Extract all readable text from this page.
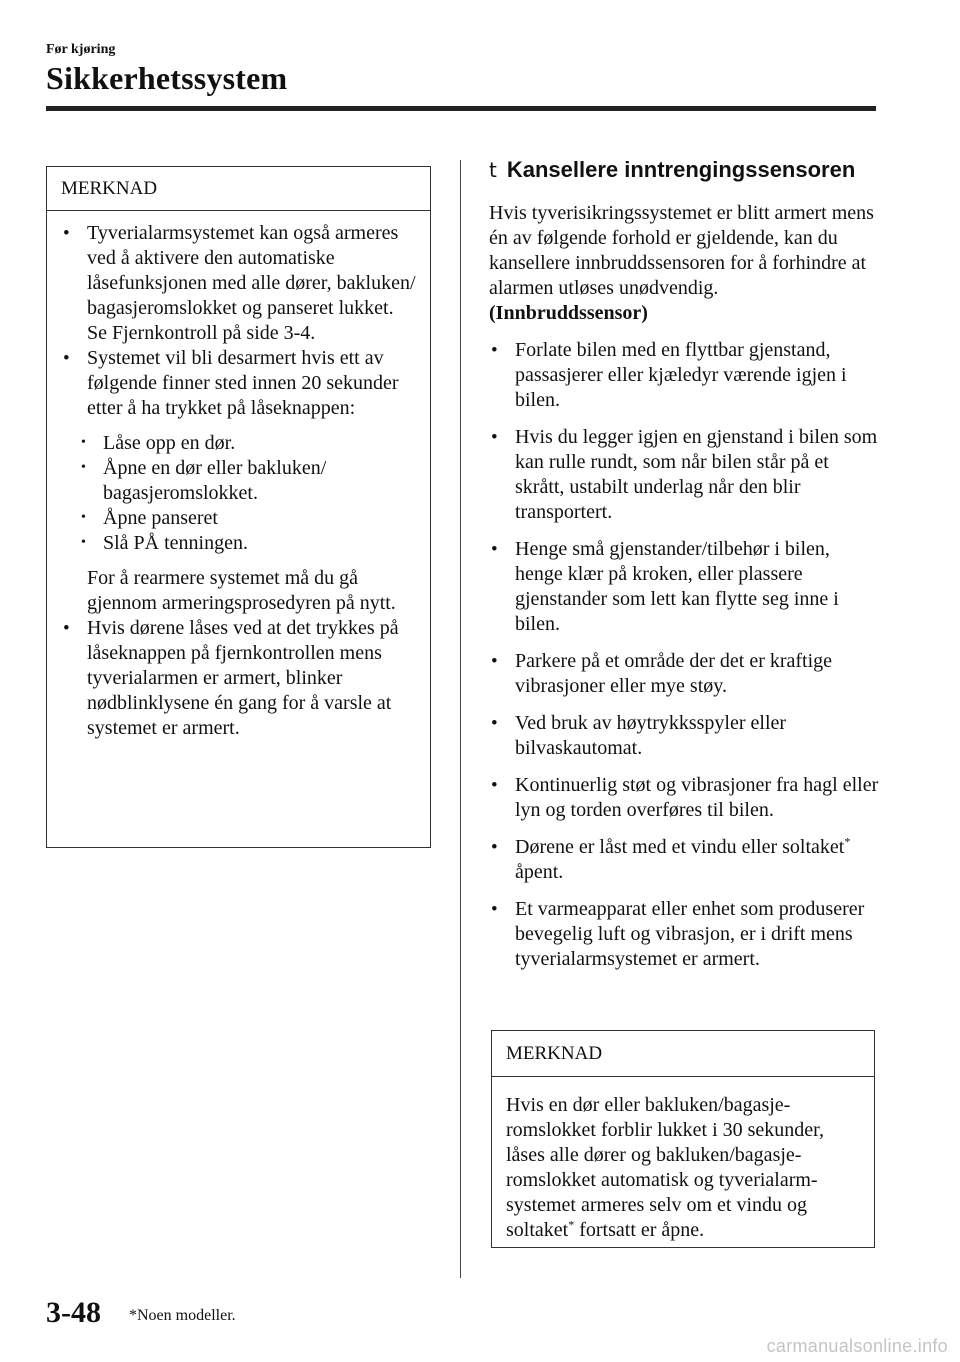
Før kjøring
Sikkerhetssystem
MERKNAD
• Tyverialarmsystemet kan også armeres ved å aktivere den automatiske låsefunksjonen med alle dører, bakluken/ bagasjeromslokket og panseret lukket.
Se Fjernkontroll på side 3-4.
• Systemet vil bli desarmert hvis ett av følgende finner sted innen 20 sekunder etter å ha trykket på låseknappen:
• Låse opp en dør.
• Åpne en dør eller bakluken/ bagasjeromslokket.
• Åpne panseret
• Slå PÅ tenningen.
For å rearmere systemet må du gå gjennom armeringsprosedyren på nytt.
• Hvis dørene låses ved at det trykkes på låseknappen på fjernkontrollen mens tyverialarmen er armert, blinker nødblinklysene én gang for å varsle at systemet er armert.
t Kansellere inntrengingssensoren
Hvis tyverisikringssystemet er blitt armert mens én av følgende forhold er gjeldende, kan du kansellere innbruddssensoren for å forhindre at alarmen utløses unødvendig.
(Innbruddssensor)
• Forlate bilen med en flyttbar gjenstand, passasjerer eller kjæledyr værende igjen i bilen.
• Hvis du legger igjen en gjenstand i bilen som kan rulle rundt, som når bilen står på et skrått, ustabilt underlag når den blir transportert.
• Henge små gjenstander/tilbehør i bilen, henge klær på kroken, eller plassere gjenstander som lett kan flytte seg inne i bilen.
• Parkere på et område der det er kraftige vibrasjoner eller mye støy.
• Ved bruk av høytrykksspyler eller bilvaskautomat.
• Kontinuerlig støt og vibrasjoner fra hagl eller lyn og torden overføres til bilen.
• Dørene er låst med et vindu eller soltaket* åpent.
• Et varmeapparat eller enhet som produserer bevegelig luft og vibrasjon, er i drift mens tyverialarmsystemet er armert.
MERKNAD
Hvis en dør eller bakluken/bagasje-romslokket forblir lukket i 30 sekunder, låses alle dører og bakluken/bagasje-romslokket automatisk og tyverialarm-systemet armeres selv om et vindu og soltaket* fortsatt er åpne.
3-48 *Noen modeller.
carmanualsonline.info
